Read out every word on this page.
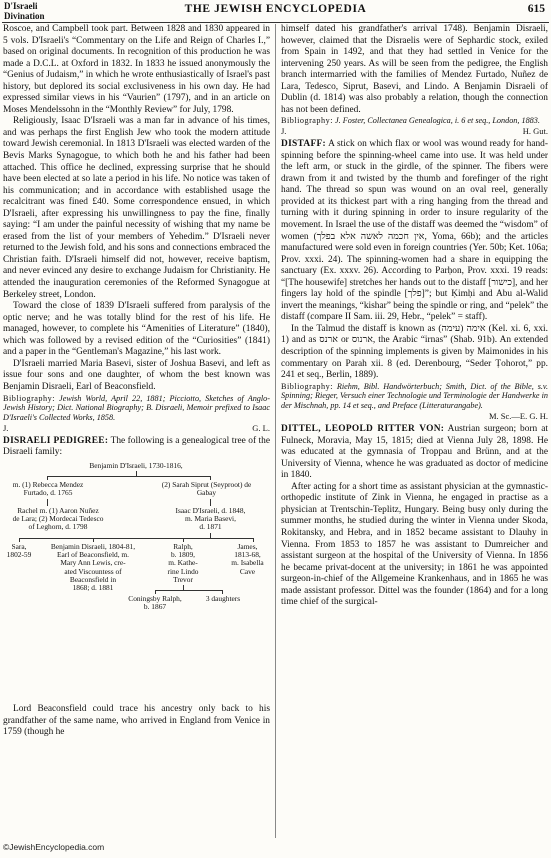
D'Israeli
Divination
THE JEWISH ENCYCLOPEDIA	615

Roscoe, and Campbell took part. Between 1828 and 1830 appeared in 5 vols. D'Israeli's “Commentary on the Life and Reign of Charles I.,” based on original documents. In recognition of this production he was made a D.C.L. at Oxford in 1832. In 1833 he issued anonymously the “Genius of Judaism,” in which he wrote enthusiastically of Israel's past history, but deplored its social exclusiveness in his own day. He had expressed similar views in his “Vaurien” (1797), and in an article on Moses Mendelssohn in the “Monthly Review” for July, 1798.

Religiously, Isaac D'Israeli was a man far in advance of his times, and was perhaps the first English Jew who took the modern attitude toward Jewish ceremonial. In 1813 D'Israeli was elected warden of the Bevis Marks Synagogue, to which both he and his father had been attached. This office he declined, expressing surprise that he should have been elected at so late a period in his life. No notice was taken of his communication; and in accordance with established usage the recalcitrant was fined £40. Some correspondence ensued, in which D'Israeli, after expressing his unwillingness to pay the fine, finally saying: “I am under the painful necessity of wishing that my name be erased from the list of your members of Yehedim.” D'Israeli never returned to the Jewish fold, and his sons and connections embraced the Christian faith. D'Israeli himself did not, however, receive baptism, and never evinced any desire to exchange Judaism for Christianity. He attended the inauguration ceremonies of the Reformed Synagogue at Berkeley street, London.

Toward the close of 1839 D'Israeli suffered from paralysis of the optic nerve; and he was totally blind for the rest of his life. He managed, however, to complete his “Amenities of Literature” (1840), which was followed by a revised edition of the “Curiosities” (1841) and a paper in the “Gentleman's Magazine,” his last work.

D'Israeli married Maria Basevi, sister of Joshua Basevi, and left as issue four sons and one daughter, of whom the best known was Benjamin Disraeli, Earl of Beaconsfield.

Bibliography: Jewish World, April 22, 1881; Picciotto, Sketches of Anglo-Jewish History; Dict. National Biography; B. Disraeli, Memoir prefixed to Isaac D'Israeli's Collected Works, 1858.

J.	G. L.

DISRAELI PEDIGREE: The following is a genealogical tree of the Disraeli family:

Benjamin D'Israeli, 1730-1816,
m. (1) Rebecca Mendez
Furtado, d. 1765
(2) Sarah Siprut (Seyproot) de
Gabay
Rachel m. (1) Aaron Nuñez
de Lara; (2) Mordecai Tedesco
of Leghorn, d. 1798
Isaac D'Israeli, d. 1848,
m. Maria Basevi,
d. 1871
Sara,
1802-59
Benjamin Disraeli, 1804-81,
Earl of Beaconsfield, m.
Mary Ann Lewis, cre-
ated Viscountess of
Beaconsfield in
1868; d. 1881
Ralph,
b. 1809,
m. Kathe-
rine Lindo
Trevor
James,
1813-68,
m. Isabella
Cave
Coningsby Ralph,
b. 1867
3 daughters

Lord Beaconsfield could trace his ancestry only back to his grandfather of the same name, who arrived in England from Venice in 1759 (though he

himself dated his grandfather's arrival 1748). Benjamin Disraeli, however, claimed that the Disraelis were of Sephardic stock, exiled from Spain in 1492, and that they had settled in Venice for the intervening 250 years. As will be seen from the pedigree, the English branch intermarried with the families of Mendez Furtado, Nuñez de Lara, Tedesco, Siprut, Basevi, and Lindo. A Benjamin Disraeli of Dublin (d. 1814) was also probably a relation, though the connection has not been defined.

Bibliography: J. Foster, Collectanea Genealogica, i. 6 et seq., London, 1883.

J.	H. Gut.

DISTAFF: A stick on which flax or wool was wound ready for hand-spinning before the spinning-wheel came into use. It was held under the left arm, or stuck in the girdle, of the spinner. The fibers were drawn from it and twisted by the thumb and forefinger of the right hand. The thread so spun was wound on an oval reel, generally provided at its thickest part with a ring hanging from the thread and turning with it during spinning in order to insure regularity of the movement. In Israel the use of the distaff was deemed the “wisdom” of women (אין חכמה לאשה אלא בפלך, Yoma, 66b); and the articles manufactured were sold even in foreign countries (Yer. 50b; Ket. 106a; Prov. xxxi. 24). The spinning-women had a share in equipping the sanctuary (Ex. xxxv. 26). According to Parḥon, Prov. xxxi. 19 reads: “[The housewife] stretches her hands out to the distaff [כישור], and her fingers lay hold of the spindle [פלך]”; but Ḳimḥi and Abu al-Walid invert the meanings, “kishar” being the spindle or ring, and “pelek” the distaff (compare II Sam. iii. 29, Hebr., “pelek” = staff).

In the Talmud the distaff is known as אימה (עימה) (Kel. xi. 6, xxi. 1) and as ארנס or ארנוס, the Arabic “irnas” (Shab. 91b). An extended description of the spinning implements is given by Maimonides in his commentary on Parah xii. 8 (ed. Derenbourg, “Seder Ṭohorot,” pp. 241 et seq., Berlin, 1889).

Bibliography: Riehm, Bibl. Handwörterbuch; Smith, Dict. of the Bible, s.v. Spinning; Rieger, Versuch einer Technologie und Terminologie der Handwerke in der Mischnah, pp. 14 et seq., and Preface (Litteraturangabe).

M. Sc.—E. G. H.

DITTEL, LEOPOLD RITTER VON: Austrian surgeon; born at Fulneck, Moravia, May 15, 1815; died at Vienna July 28, 1898. He was educated at the gymnasia of Troppau and Brünn, and at the University of Vienna, whence he was graduated as doctor of medicine in 1840.

After acting for a short time as assistant physician at the gymnastic-orthopedic institute of Zink in Vienna, he engaged in practise as a physician at Trentschin-Teplitz, Hungary. Being busy only during the summer months, he studied during the winter in Vienna under Skoda, Rokitansky, and Hebra, and in 1852 became assistant to Dlauhy in Vienna. From 1853 to 1857 he was assistant to Dumreicher and assistant surgeon at the hospital of the University of Vienna. In 1856 he became privat-docent at the university; in 1861 he was appointed surgeon-in-chief of the Allgemeine Krankenhaus, and in 1865 he was made assistant professor. Dittel was the founder (1864) and for a long time chief of the surgical-

©JewishEncyclopedia.com
